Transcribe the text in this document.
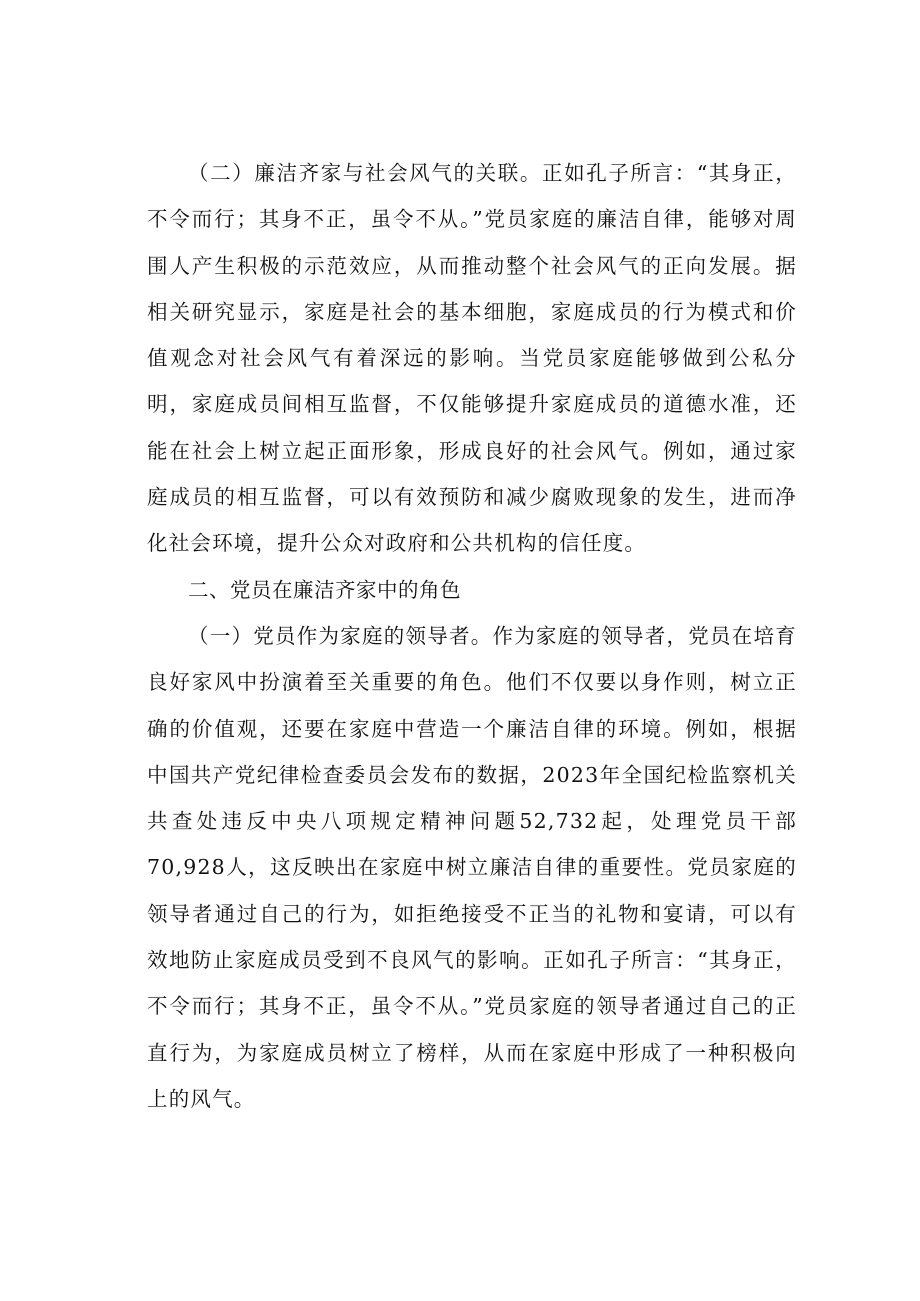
（二）廉洁齐家与社会风气的关联。正如孔子所言：“其身正，不令而行；其身不正，虽令不从。”党员家庭的廉洁自律，能够对周围人产生积极的示范效应，从而推动整个社会风气的正向发展。据相关研究显示，家庭是社会的基本细胞，家庭成员的行为模式和价值观念对社会风气有着深远的影响。当党员家庭能够做到公私分明，家庭成员间相互监督，不仅能够提升家庭成员的道德水准，还能在社会上树立起正面形象，形成良好的社会风气。例如，通过家庭成员的相互监督，可以有效预防和减少腐败现象的发生，进而净化社会环境，提升公众对政府和公共机构的信任度。

二、党员在廉洁齐家中的角色

（一）党员作为家庭的领导者。作为家庭的领导者，党员在培育良好家风中扮演着至关重要的角色。他们不仅要以身作则，树立正确的价值观，还要在家庭中营造一个廉洁自律的环境。例如，根据中国共产党纪律检查委员会发布的数据，2023年全国纪检监察机关共查处违反中央八项规定精神问题52,732起，处理党员干部70,928人，这反映出在家庭中树立廉洁自律的重要性。党员家庭的领导者通过自己的行为，如拒绝接受不正当的礼物和宴请，可以有效地防止家庭成员受到不良风气的影响。正如孔子所言：“其身正，不令而行；其身不正，虽令不从。”党员家庭的领导者通过自己的正直行为，为家庭成员树立了榜样，从而在家庭中形成了一种积极向上的风气。
